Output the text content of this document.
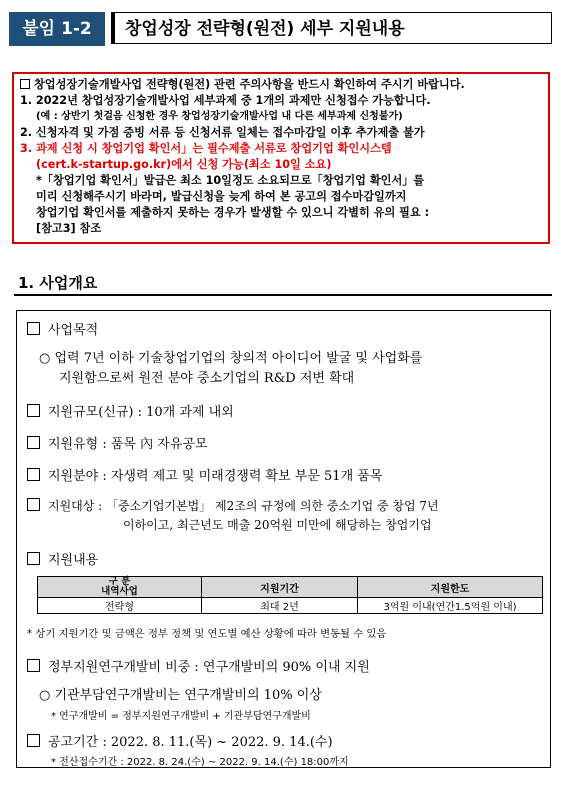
붙임 1-2	창업성장 전략형(원전) 세부 지원내용
창업성장기술개발사업 전략형(원전) 관련 주의사항을 반드시 확인하여 주시기 바랍니다.
1. 2022년 창업성장기술개발사업 세부과제 중 1개의 과제만 신청접수 가능합니다.
(예 : 상반기 첫걸음 신청한 경우 창업성장기술개발사업 내 다른 세부과제 신청불가)
2. 신청자격 및 가점 증빙 서류 등 신청서류 일체는 접수마감일 이후 추가제출 불가
3. 과제 신청 시 창업기업 확인서」는 필수제출 서류로 창업기업 확인시스템
(cert.k-startup.go.kr)에서 신청 가능(최소 10일 소요)
*「창업기업 확인서」발급은 최소 10일정도 소요되므로「창업기업 확인서」를
미리 신청해주시기 바라며, 발급신청을 늦게 하여 본 공고의 접수마감일까지
창업기업 확인서를 제출하지 못하는 경우가 발생할 수 있으니 각별히 유의 필요 :
[참고3] 참조
1. 사업개요
사업목적
○ 업력 7년 이하 기술창업기업의 창의적 아이디어 발굴 및 사업화를
지원함으로써 원전 분야 중소기업의 R&D 저변 확대
지원규모(신규) : 10개 과제 내외
지원유형 : 품목 內 자유공모
지원분야 : 자생력 제고 및 미래경쟁력 확보 부문 51개 품목
지원대상 : 「중소기업기본법」 제2조의 규정에 의한 중소기업 중 창업 7년
이하이고, 최근년도 매출 20억원 미만에 해당하는 창업기업
지원내용
구 분
내역사업	지원기간	지원한도
전략형	최대 2년	3억원 이내(연간1.5억원 이내)
* 상기 지원기간 및 금액은 정부 정책 및 연도별 예산 상황에 따라 변동될 수 있음
정부지원연구개발비 비중 : 연구개발비의 90% 이내 지원
○ 기관부담연구개발비는 연구개발비의 10% 이상
* 연구개발비 = 정부지원연구개발비 + 기관부담연구개발비
공고기간 : 2022. 8. 11.(목) ~ 2022. 9. 14.(수)
* 전산접수기간 : 2022. 8. 24.(수) ~ 2022. 9. 14.(수) 18:00까지
